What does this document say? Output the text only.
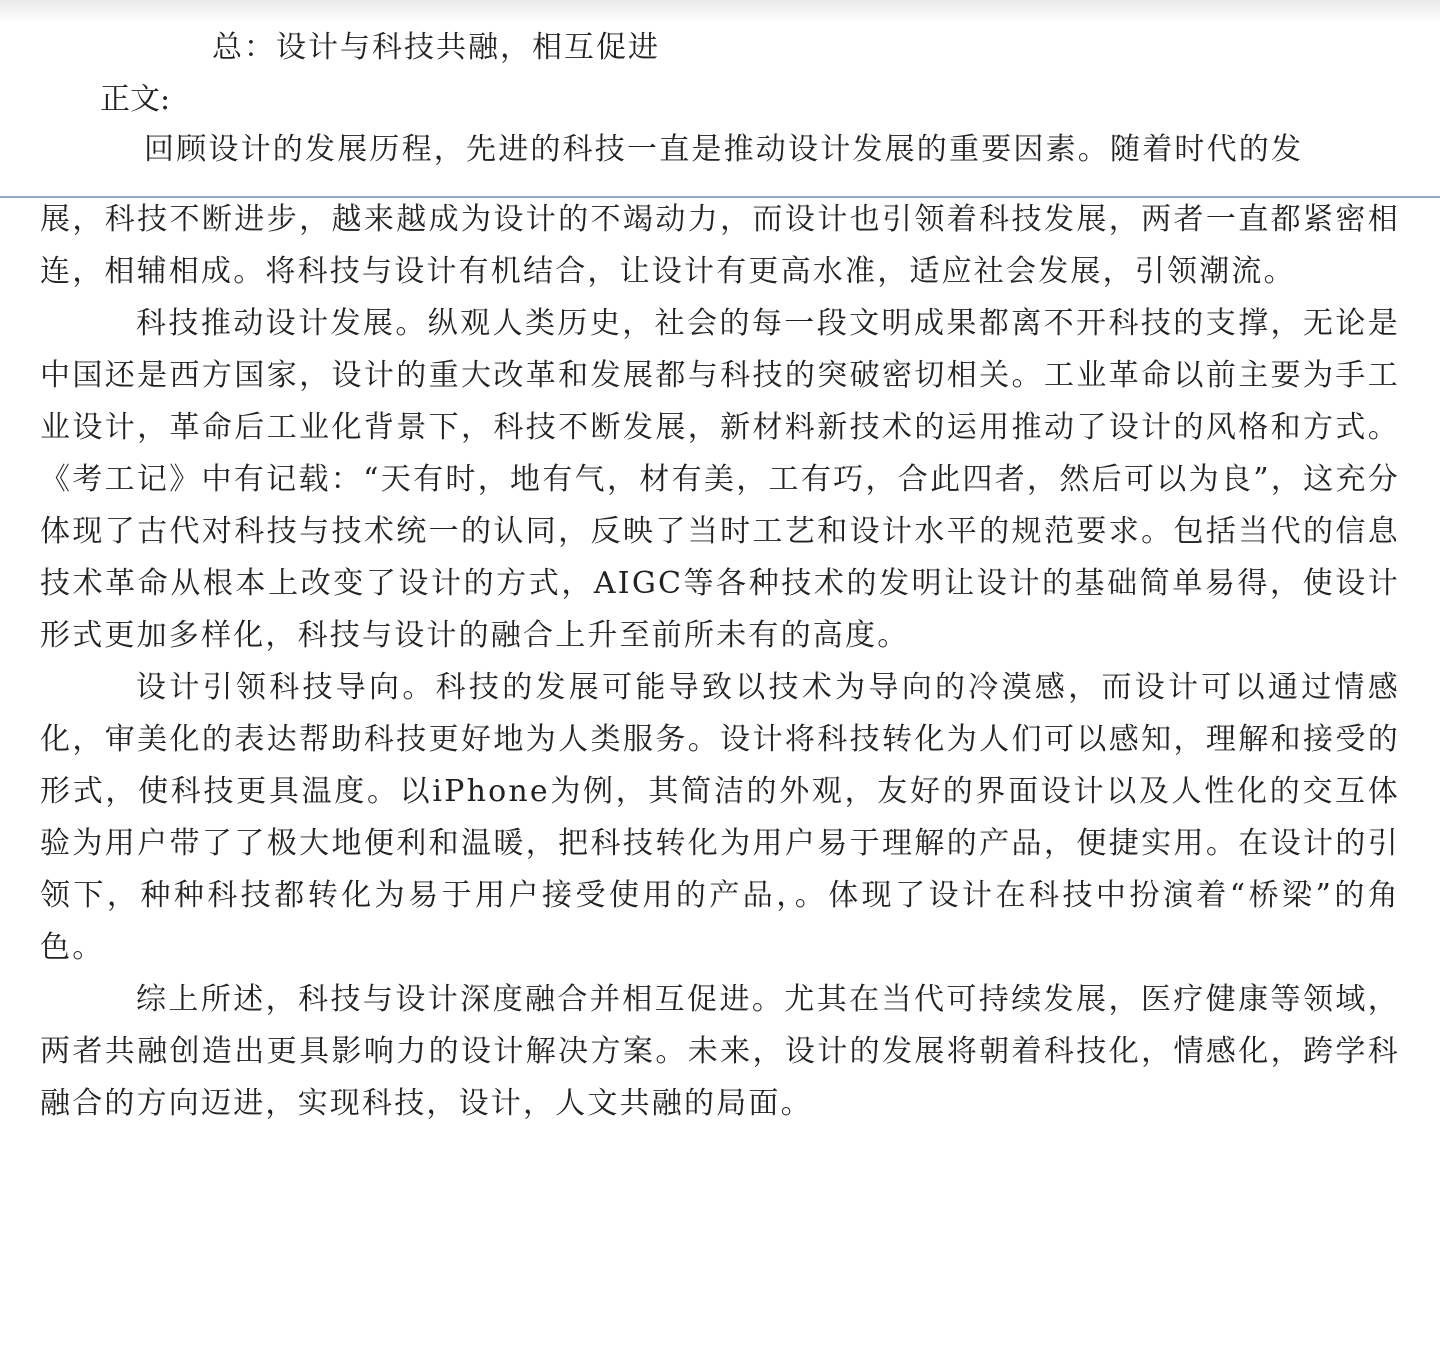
总：设计与科技共融，相互促进
正文:
回顾设计的发展历程，先进的科技一直是推动设计发展的重要因素。随着时代的发

展，科技不断进步，越来越成为设计的不竭动力，而设计也引领着科技发展，两者一直都紧密相连，相辅相成。将科技与设计有机结合，让设计有更高水准，适应社会发展，引领潮流。

科技推动设计发展。纵观人类历史，社会的每一段文明成果都离不开科技的支撑，无论是中国还是西方国家，设计的重大改革和发展都与科技的突破密切相关。工业革命以前主要为手工业设计，革命后工业化背景下，科技不断发展，新材料新技术的运用推动了设计的风格和方式。《考工记》中有记载：“天有时，地有气，材有美，工有巧，合此四者，然后可以为良”，这充分体现了古代对科技与技术统一的认同，反映了当时工艺和设计水平的规范要求。包括当代的信息技术革命从根本上改变了设计的方式，AIGC等各种技术的发明让设计的基础简单易得，使设计形式更加多样化，科技与设计的融合上升至前所未有的高度。

设计引领科技导向。科技的发展可能导致以技术为导向的冷漠感，而设计可以通过情感化，审美化的表达帮助科技更好地为人类服务。设计将科技转化为人们可以感知，理解和接受的形式，使科技更具温度。以iPhone为例，其简洁的外观，友好的界面设计以及人性化的交互体验为用户带了了极大地便利和温暖，把科技转化为用户易于理解的产品，便捷实用。在设计的引领下，种种科技都转化为易于用户接受使用的产品，。体现了设计在科技中扮演着“桥梁”的角色。

综上所述，科技与设计深度融合并相互促进。尤其在当代可持续发展，医疗健康等领域，两者共融创造出更具影响力的设计解决方案。未来，设计的发展将朝着科技化，情感化，跨学科融合的方向迈进，实现科技，设计，人文共融的局面。
